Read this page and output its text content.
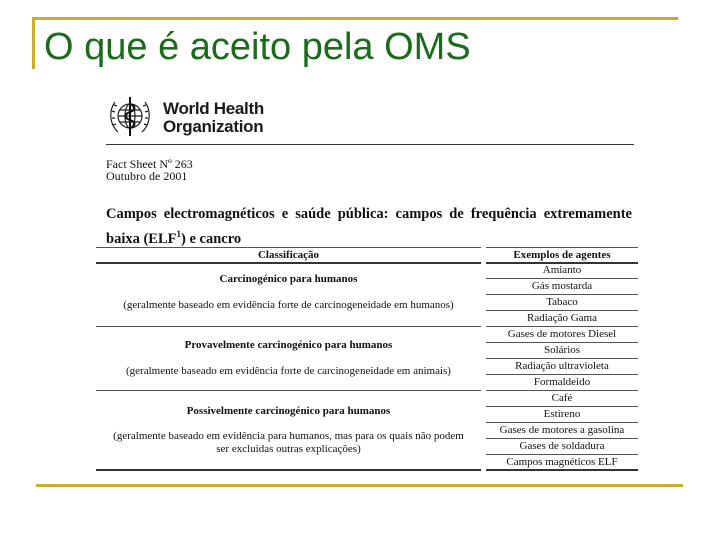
O que é aceito pela OMS
World Health
Organization
Fact Sheet Nº 263
Outubro de 2001
Campos electromagnéticos e saúde pública: campos de frequência extremamente baixa (ELF$^1$) e cancro
Classificação	Exemplos de agentes
Carcinogénico para humanos
(geralmente baseado em evidência forte de carcinogeneidade em humanos)
Amianto
Gás mostarda
Tabaco
Radiação Gama
Provavelmente carcinogénico para humanos
(geralmente baseado em evidência forte de carcinogeneidade em animais)
Gases de motores Diesel
Solários
Radiação ultravioleta
Formaldeido
Possivelmente carcinogénico para humanos
(geralmente baseado em evidência para humanos, mas para os quais não podem
ser excluidas outras explicações)
Café
Estireno
Gases de motores a gasolina
Gases de soldadura
Campos magnéticos ELF
